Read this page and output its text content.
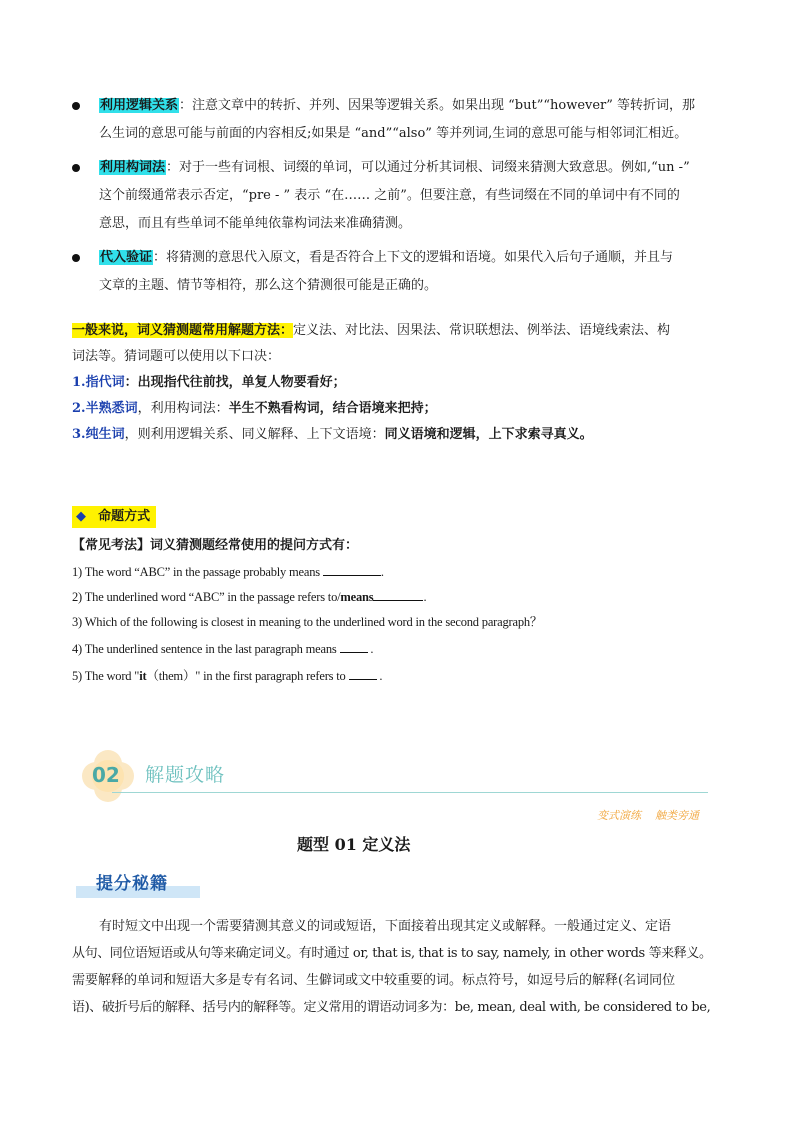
利用逻辑关系：注意文章中的转折、并列、因果等逻辑关系。如果出现 “but”“however” 等转折词，那
么生词的意思可能与前面的内容相反;如果是 “and”“also” 等并列词,生词的意思可能与相邻词汇相近。
利用构词法：对于一些有词根、词缀的单词，可以通过分析其词根、词缀来猜测大致意思。例如,“un -”
这个前缀通常表示否定，“pre - ” 表示 “在…… 之前”。但要注意，有些词缀在不同的单词中有不同的
意思，而且有些单词不能单纯依靠构词法来准确猜测。
代入验证：将猜测的意思代入原文，看是否符合上下文的逻辑和语境。如果代入后句子通顺，并且与
文章的主题、情节等相符，那么这个猜测很可能是正确的。
一般来说，词义猜测题常用解题方法：定义法、对比法、因果法、常识联想法、例举法、语境线索法、构
词法等。猜词题可以使用以下口决：
1.指代词：出现指代往前找，单复人物要看好；
2.半熟悉词，利用构词法：半生不熟看构词，结合语境来把持；
3.纯生词，则利用逻辑关系、同义解释、上下文语境：同义语境和逻辑，上下求索寻真义。
◆ 命题方式
【常见考法】词义猜测题经常使用的提问方式有：
1) The word “ABC” in the passage probably means	.
2) The underlined word “ABC” in the passage refers to/means	.
3) Which of the following is closest in meaning to the underlined word in the second paragraph？
4) The underlined sentence in the last paragraph means  .
5) The word "it（them）" in the first paragraph refers to  .
02 解题攻略
变式演练    触类旁通
题型 01 定义法
提分秘籍
有时短文中出现一个需要猜测其意义的词或短语，下面接着出现其定义或解释。一般通过定义、定语
从句、同位语短语或从句等来确定词义。有时通过 or, that is, that is to say, namely, in other words 等来释义。
需要解释的单词和短语大多是专有名词、生僻词或文中较重要的词。标点符号，如逗号后的解释(名词同位
语)、破折号后的解释、括号内的解释等。定义常用的谓语动词多为：be, mean, deal with, be considered to be,
